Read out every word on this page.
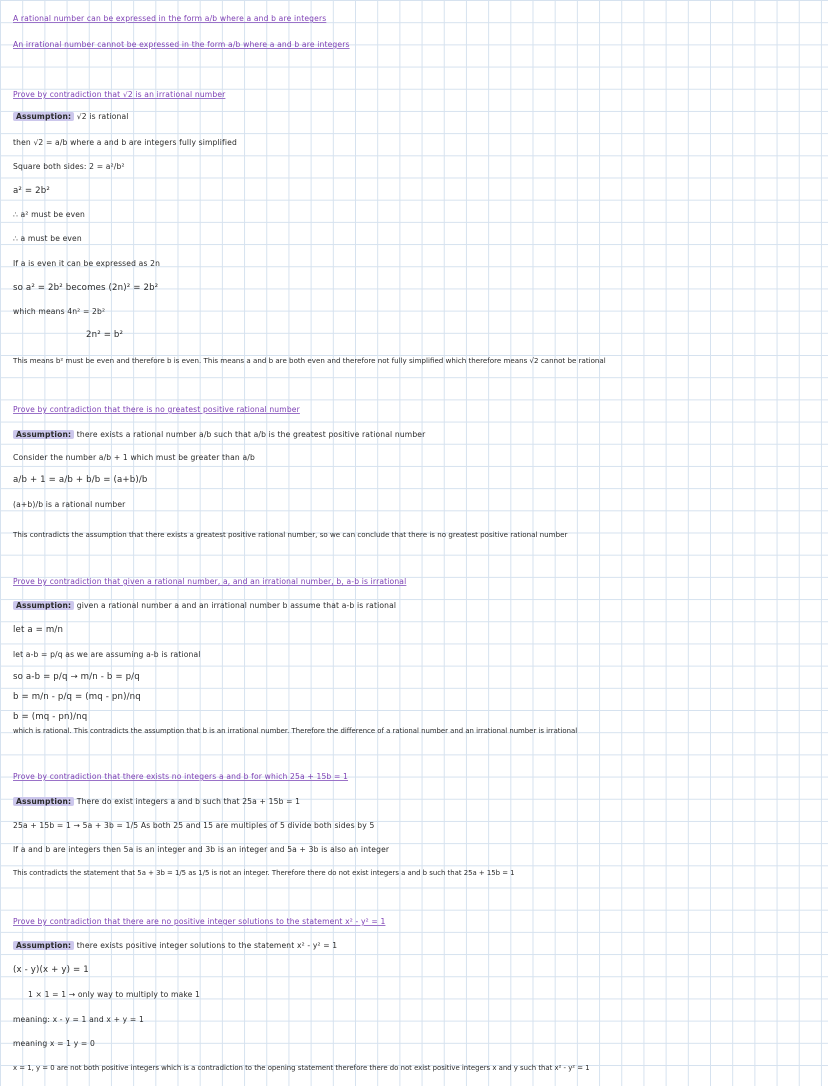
A rational number can be expressed in the form a/b where a and b are integers
An irrational number cannot be expressed in the form a/b where a and b are integers
Prove by contradiction that √2 is an irrational number
Assumption: √2 is rational
then √2 = a/b where a and b are integers fully simplified
Square both sides: 2 = a²/b²
a² = 2b²
∴ a² must be even
∴ a must be even
If a is even it can be expressed as 2n
so a² = 2b² becomes (2n)² = 2b²
which means 4n² = 2b²
2n² = b²
This means b² must be even and therefore b is even. This means a and b are both even and therefore not fully simplified which therefore means √2 cannot be rational
Prove by contradiction that there is no greatest positive rational number
Assumption: there exists a rational number a/b such that a/b is the greatest positive rational number
Consider the number a/b + 1 which must be greater than a/b
a/b + 1 = a/b + b/b = (a+b)/b
(a+b)/b is a rational number
This contradicts the assumption that there exists a greatest positive rational number, so we can conclude that there is no greatest positive rational number
Prove by contradiction that given a rational number, a, and an irrational number, b, a-b is irrational
Assumption: given a rational number a and an irrational number b assume that a-b is rational
let a = m/n
let a-b = p/q as we are assuming a-b is rational
so a-b = p/q → m/n - b = p/q
b = m/n - p/q = (mq - pn)/nq
b = (mq - pn)/nq
which is rational. This contradicts the assumption that b is an irrational number. Therefore the difference of a rational number and an irrational number is irrational
Prove by contradiction that there exists no integers a and b for which 25a + 15b = 1
Assumption: There do exist integers a and b such that 25a + 15b = 1
25a + 15b = 1 → 5a + 3b = 1/5 As both 25 and 15 are multiples of 5 divide both sides by 5
If a and b are integers then 5a is an integer and 3b is an integer and 5a + 3b is also an integer
This contradicts the statement that 5a + 3b = 1/5 as 1/5 is not an integer. Therefore there do not exist integers a and b such that 25a + 15b = 1
Prove by contradiction that there are no positive integer solutions to the statement x² - y² = 1
Assumption: there exists positive integer solutions to the statement x² - y² = 1
(x - y)(x + y) = 1
1 × 1 = 1 → only way to multiply to make 1
meaning: x - y = 1 and x + y = 1
meaning x = 1 y = 0
x = 1, y = 0 are not both positive integers which is a contradiction to the opening statement therefore there do not exist positive integers x and y such that x² - y² = 1
